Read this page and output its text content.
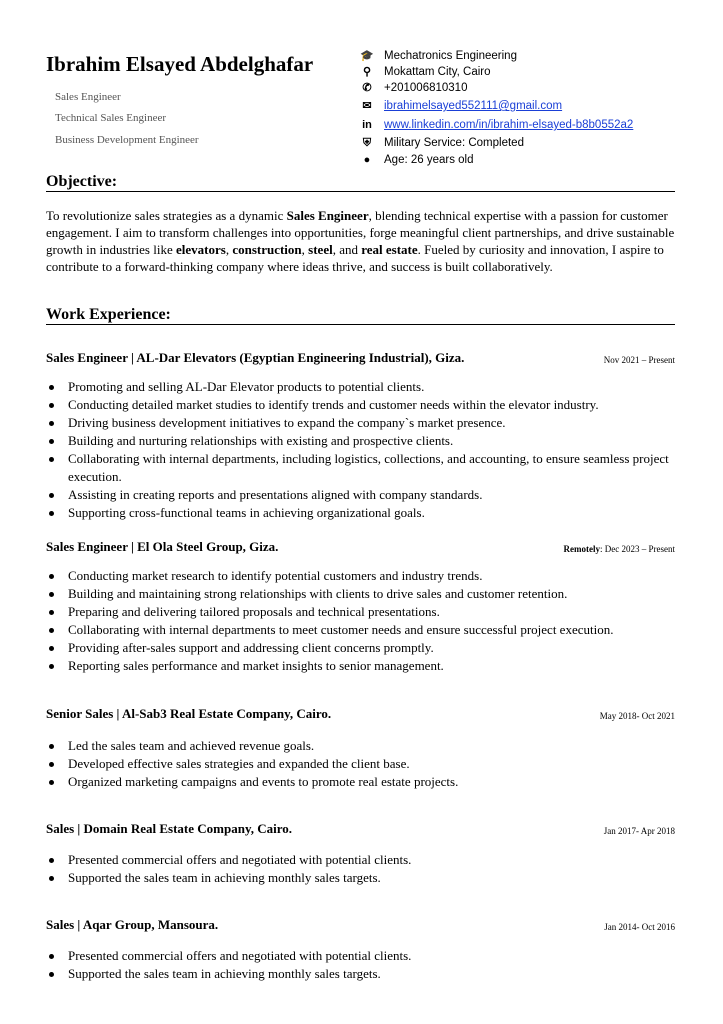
Ibrahim Elsayed Abdelghafar
Sales Engineer
Technical Sales Engineer
Business Development Engineer
🎓 Mechatronics Engineering
⚲ Mokattam City, Cairo
✆ +201006810310
✉ ibrahimelsayed552111@gmail.com
in www.linkedin.com/in/ibrahim-elsayed-b8b0552a2
⛨ Military Service: Completed
● Age: 26 years old
Objective:
To revolutionize sales strategies as a dynamic Sales Engineer, blending technical expertise with a passion for customer engagement. I aim to transform challenges into opportunities, forge meaningful client partnerships, and drive sustainable growth in industries like elevators, construction, steel, and real estate. Fueled by curiosity and innovation, I aspire to contribute to a forward-thinking company where ideas thrive, and success is built collaboratively.
Work Experience:
Sales Engineer | AL-Dar Elevators (Egyptian Engineering Industrial), Giza.	Nov 2021 – Present
Promoting and selling AL-Dar Elevator products to potential clients.
Conducting detailed market studies to identify trends and customer needs within the elevator industry.
Driving business development initiatives to expand the company`s market presence.
Building and nurturing relationships with existing and prospective clients.
Collaborating with internal departments, including logistics, collections, and accounting, to ensure seamless project execution.
Assisting in creating reports and presentations aligned with company standards.
Supporting cross-functional teams in achieving organizational goals.
Sales Engineer | El Ola Steel Group, Giza.	Remotely: Dec 2023 – Present
Conducting market research to identify potential customers and industry trends.
Building and maintaining strong relationships with clients to drive sales and customer retention.
Preparing and delivering tailored proposals and technical presentations.
Collaborating with internal departments to meet customer needs and ensure successful project execution.
Providing after-sales support and addressing client concerns promptly.
Reporting sales performance and market insights to senior management.
Senior Sales | Al-Sab3 Real Estate Company, Cairo.	May 2018- Oct 2021
Led the sales team and achieved revenue goals.
Developed effective sales strategies and expanded the client base.
Organized marketing campaigns and events to promote real estate projects.
Sales | Domain Real Estate Company, Cairo.	Jan 2017- Apr 2018
Presented commercial offers and negotiated with potential clients.
Supported the sales team in achieving monthly sales targets.
Sales | Aqar Group, Mansoura.	Jan 2014- Oct 2016
Presented commercial offers and negotiated with potential clients.
Supported the sales team in achieving monthly sales targets.
